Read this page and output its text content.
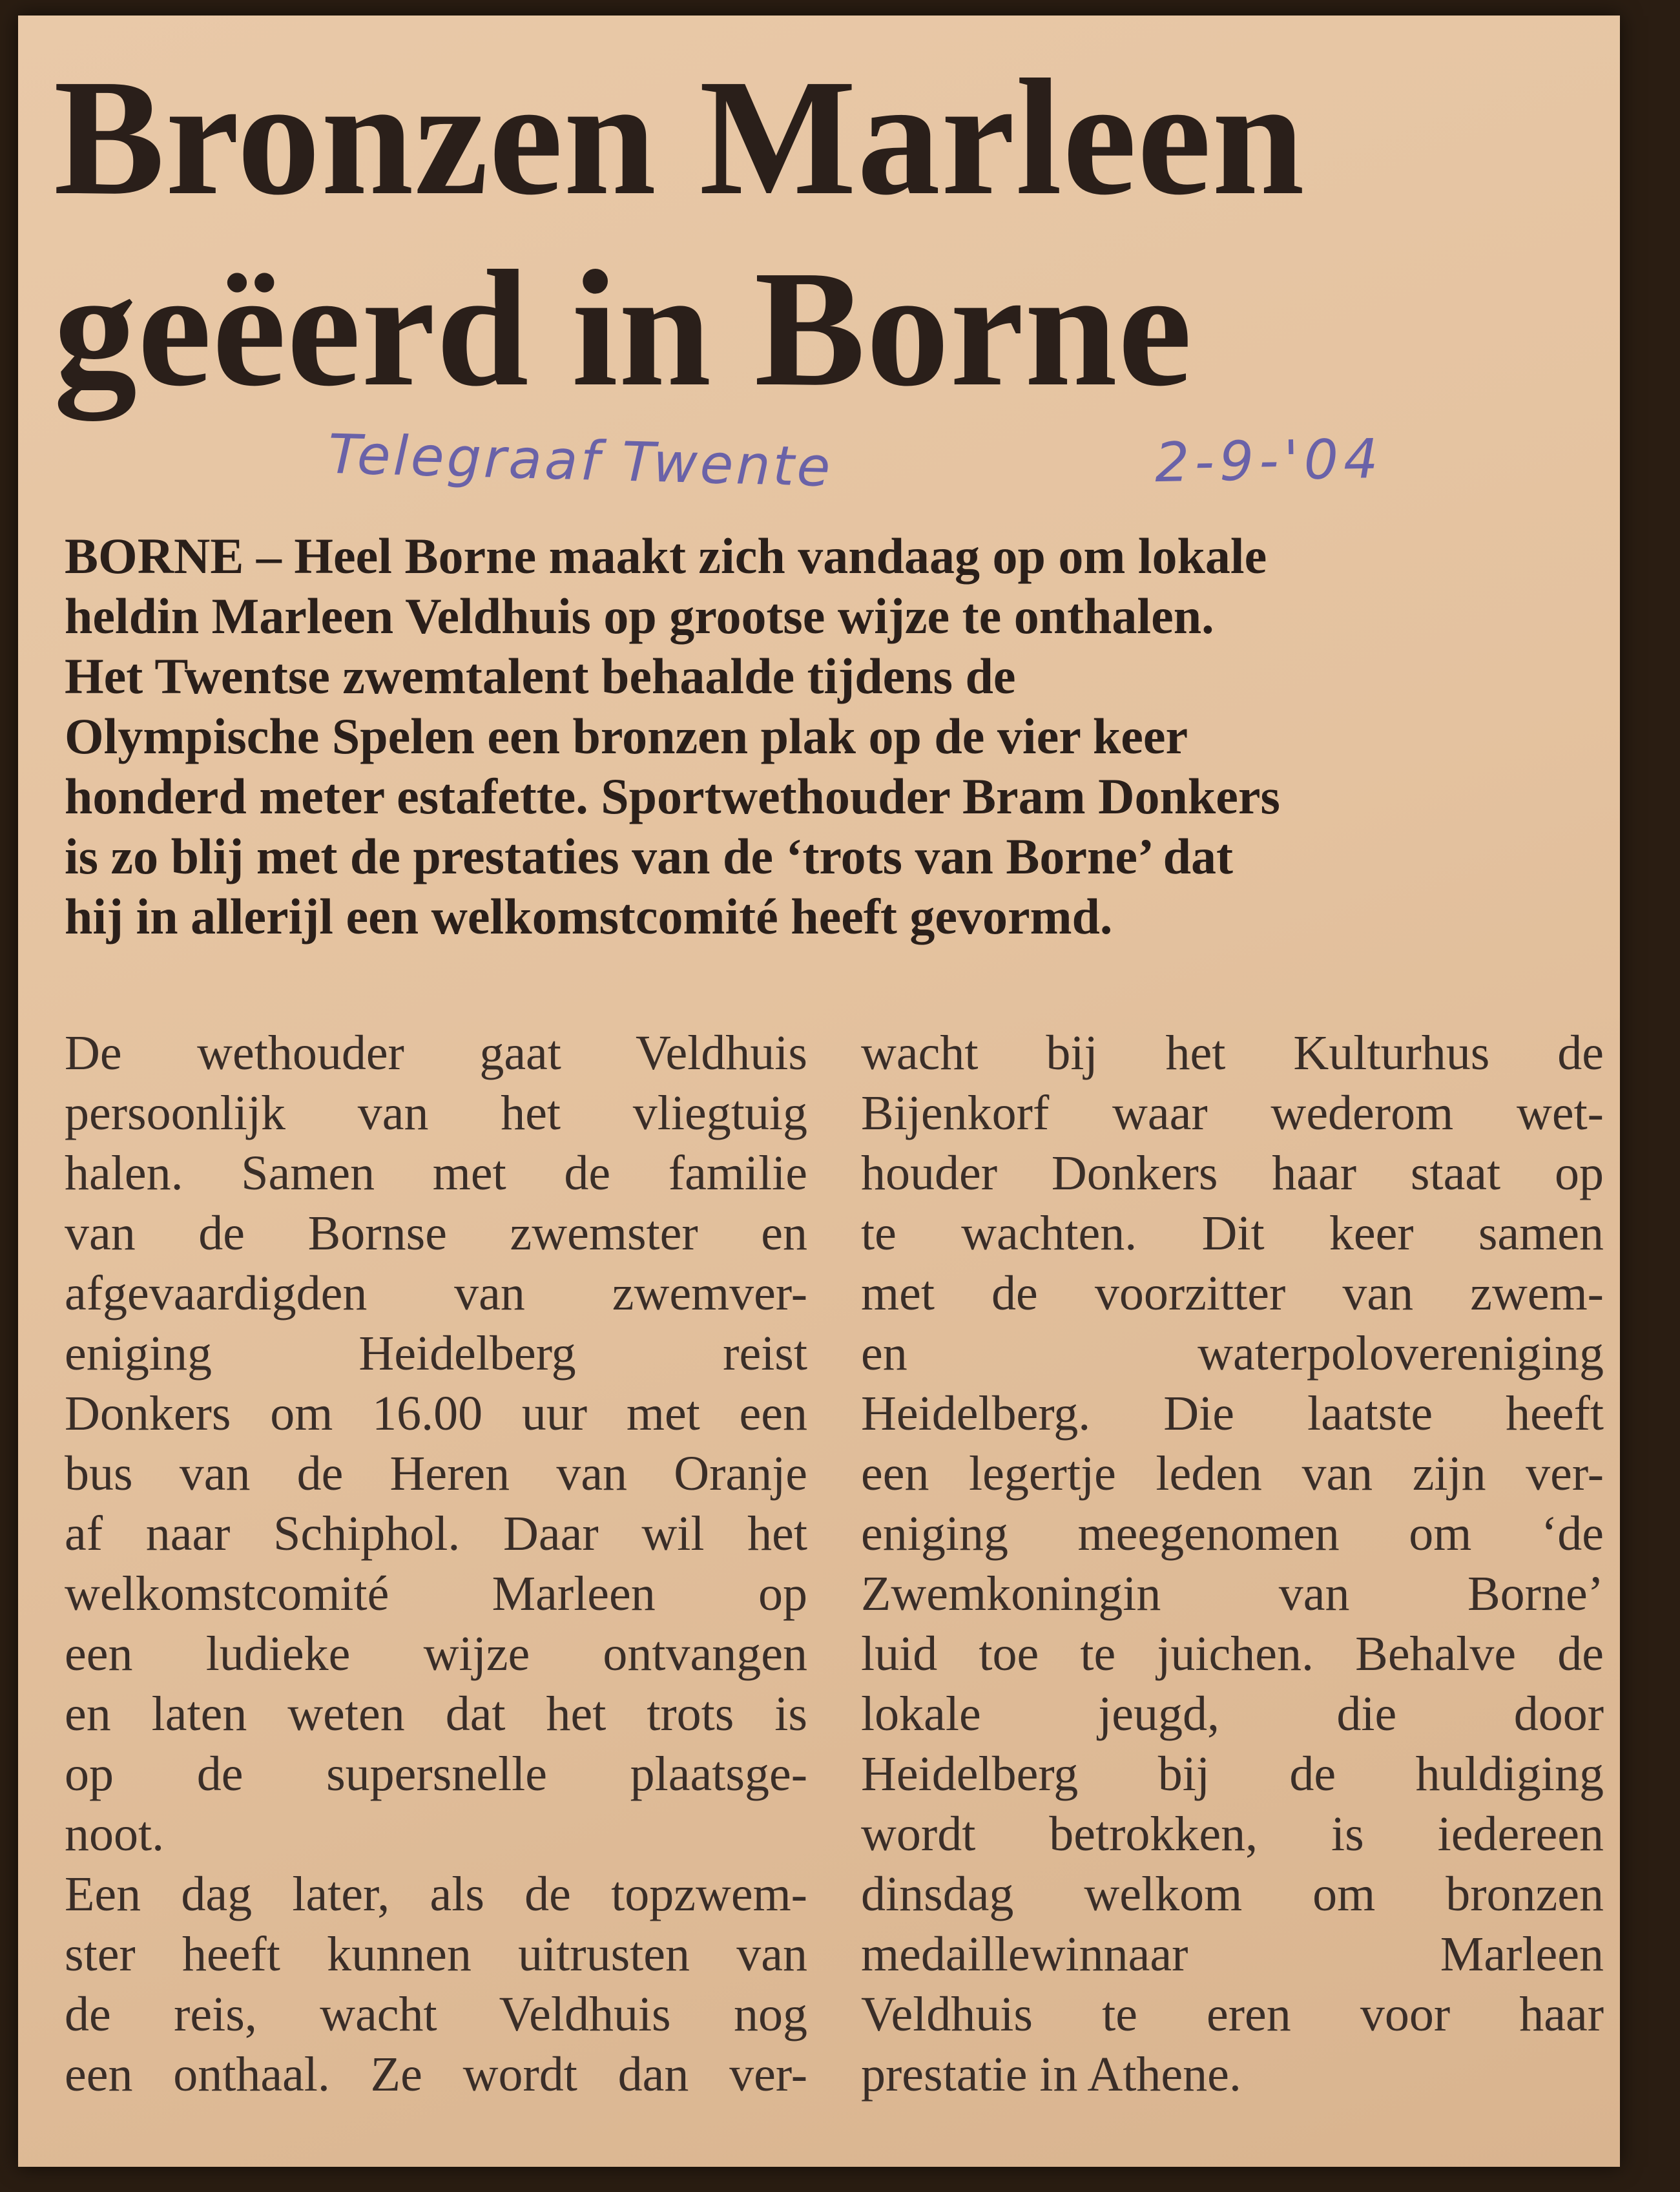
Bronzen Marleen
geëerd in Borne
Telegraaf Twente	2-9-'04

BORNE – Heel Borne maakt zich vandaag op om lokale
heldin Marleen Veldhuis op grootse wijze te onthalen.
Het Twentse zwemtalent behaalde tijdens de
Olympische Spelen een bronzen plak op de vier keer
honderd meter estafette. Sportwethouder Bram Donkers
is zo blij met de prestaties van de ‘trots van Borne’ dat
hij in allerijl een welkomstcomité heeft gevormd.

De wethouder gaat Veldhuis
persoonlijk van het vliegtuig
halen. Samen met de familie
van de Bornse zwemster en
afgevaardigden van zwemver-
eniging Heidelberg reist
Donkers om 16.00 uur met een
bus van de Heren van Oranje
af naar Schiphol. Daar wil het
welkomstcomité Marleen op
een ludieke wijze ontvangen
en laten weten dat het trots is
op de supersnelle plaatsge-
noot.
Een dag later, als de topzwem-
ster heeft kunnen uitrusten van
de reis, wacht Veldhuis nog
een onthaal. Ze wordt dan ver-
wacht bij het Kulturhus de
Bijenkorf waar wederom wet-
houder Donkers haar staat op
te wachten. Dit keer samen
met de voorzitter van zwem-
en waterpolovereniging
Heidelberg. Die laatste heeft
een legertje leden van zijn ver-
eniging meegenomen om ‘de
Zwemkoningin van Borne’
luid toe te juichen. Behalve de
lokale jeugd, die door
Heidelberg bij de huldiging
wordt betrokken, is iedereen
dinsdag welkom om bronzen
medaillewinnaar Marleen
Veldhuis te eren voor haar
prestatie in Athene.
